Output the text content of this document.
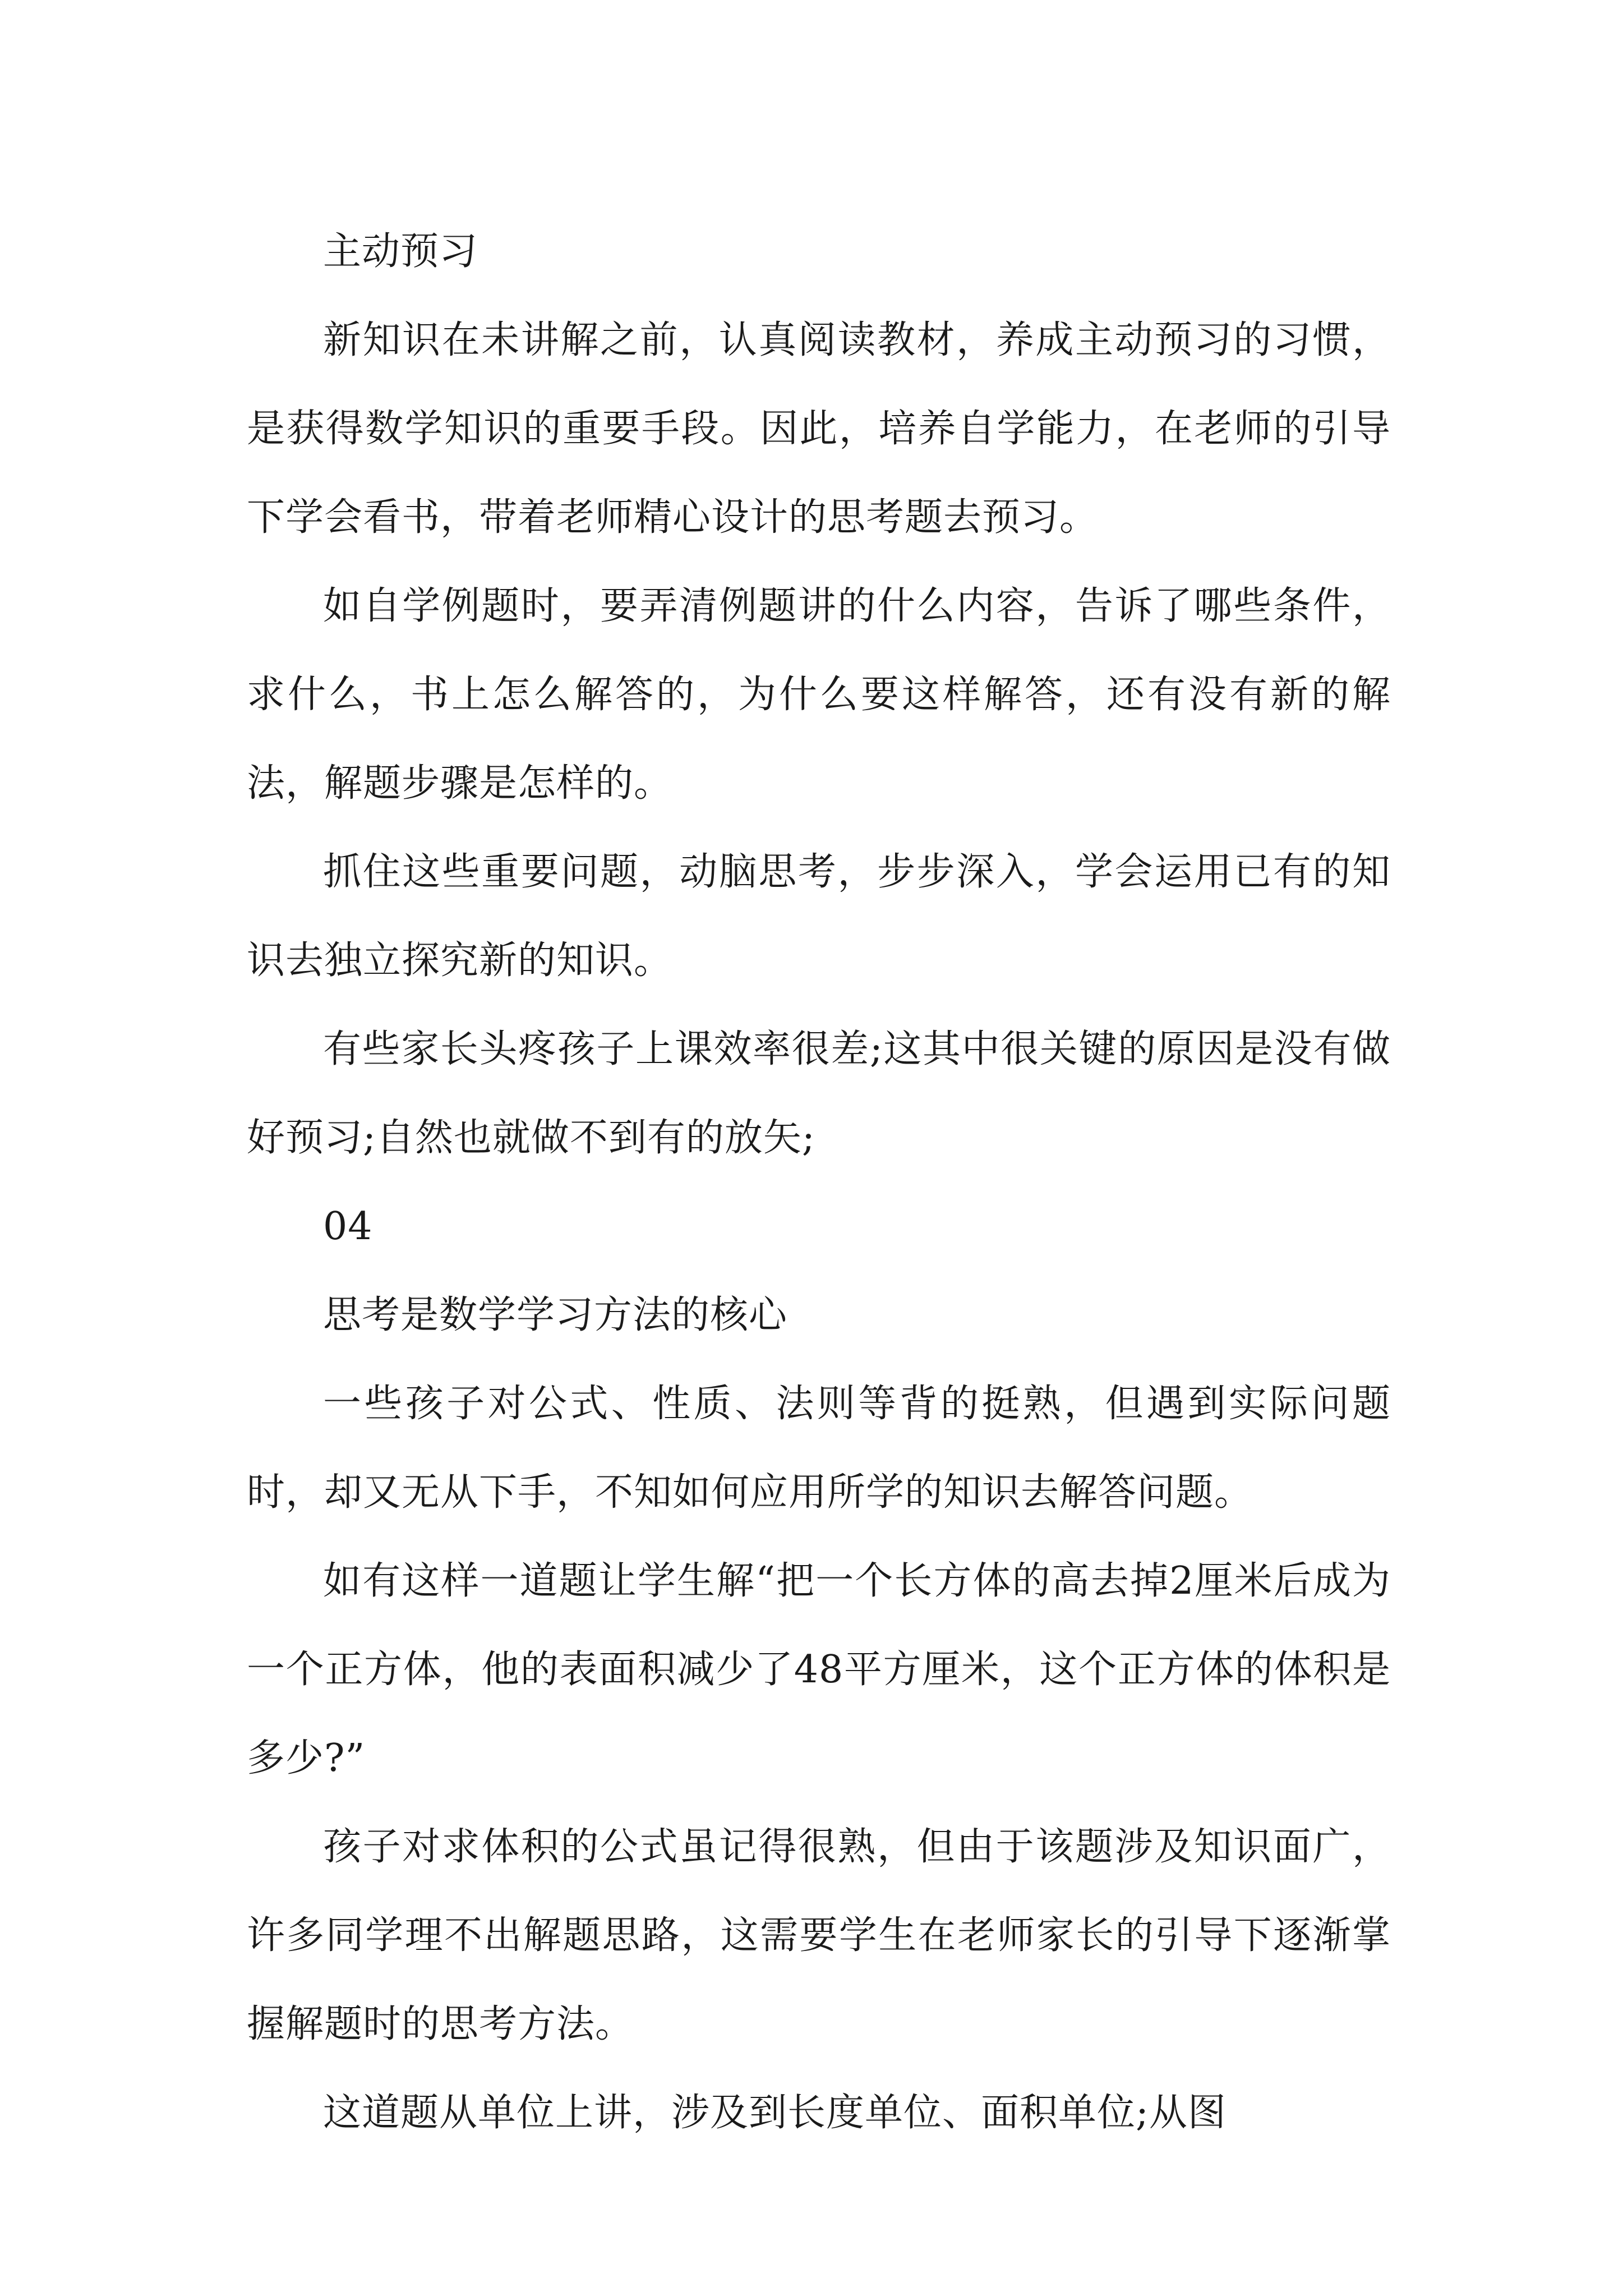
主动预习

新知识在未讲解之前，认真阅读教材，养成主动预习的习惯，是获得数学知识的重要手段。因此，培养自学能力，在老师的引导下学会看书，带着老师精心设计的思考题去预习。

如自学例题时，要弄清例题讲的什么内容，告诉了哪些条件，求什么，书上怎么解答的，为什么要这样解答，还有没有新的解法，解题步骤是怎样的。

抓住这些重要问题，动脑思考，步步深入，学会运用已有的知识去独立探究新的知识。

有些家长头疼孩子上课效率很差;这其中很关键的原因是没有做好预习;自然也就做不到有的放矢;

04

思考是数学学习方法的核心

一些孩子对公式、性质、法则等背的挺熟，但遇到实际问题时，却又无从下手，不知如何应用所学的知识去解答问题。

如有这样一道题让学生解“把一个长方体的高去掉2厘米后成为一个正方体，他的表面积减少了48平方厘米，这个正方体的体积是多少?”

孩子对求体积的公式虽记得很熟，但由于该题涉及知识面广，许多同学理不出解题思路，这需要学生在老师家长的引导下逐渐掌握解题时的思考方法。

这道题从单位上讲，涉及到长度单位、面积单位;从图
